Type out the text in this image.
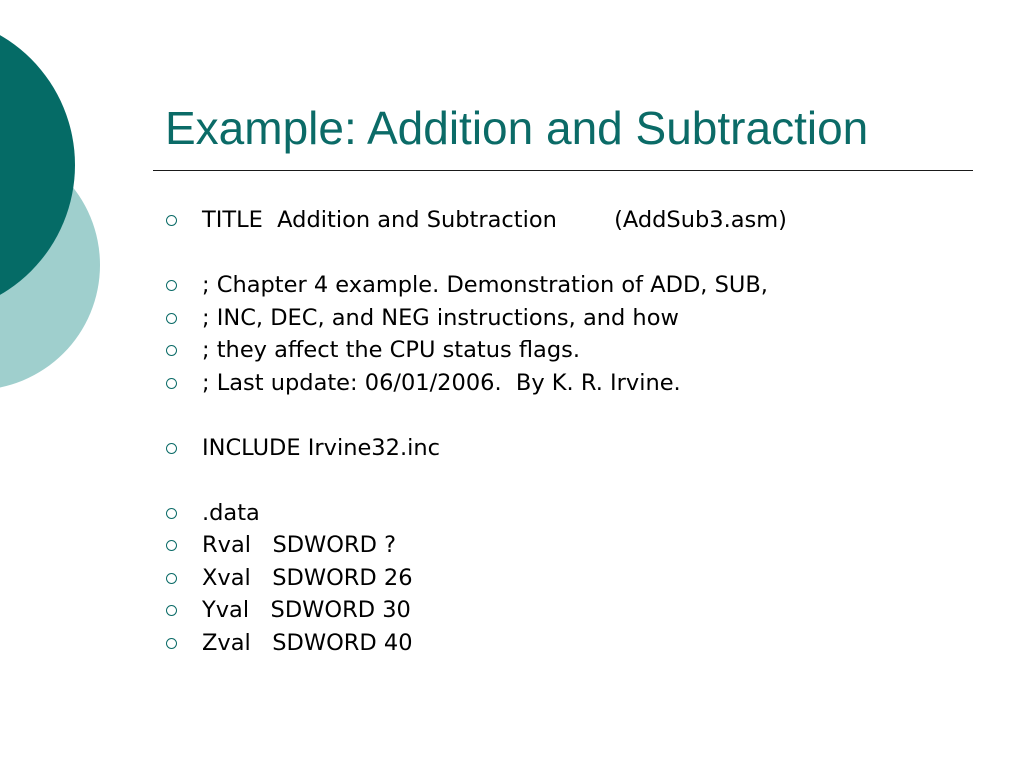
Example: Addition and Subtraction

TITLE  Addition and Subtraction        (AddSub3.asm)

; Chapter 4 example. Demonstration of ADD, SUB,

; INC, DEC, and NEG instructions, and how

; they affect the CPU status flags.

; Last update: 06/01/2006.  By K. R. Irvine.

INCLUDE Irvine32.inc

.data

Rval   SDWORD ?

Xval   SDWORD 26

Yval   SDWORD 30

Zval   SDWORD 40
